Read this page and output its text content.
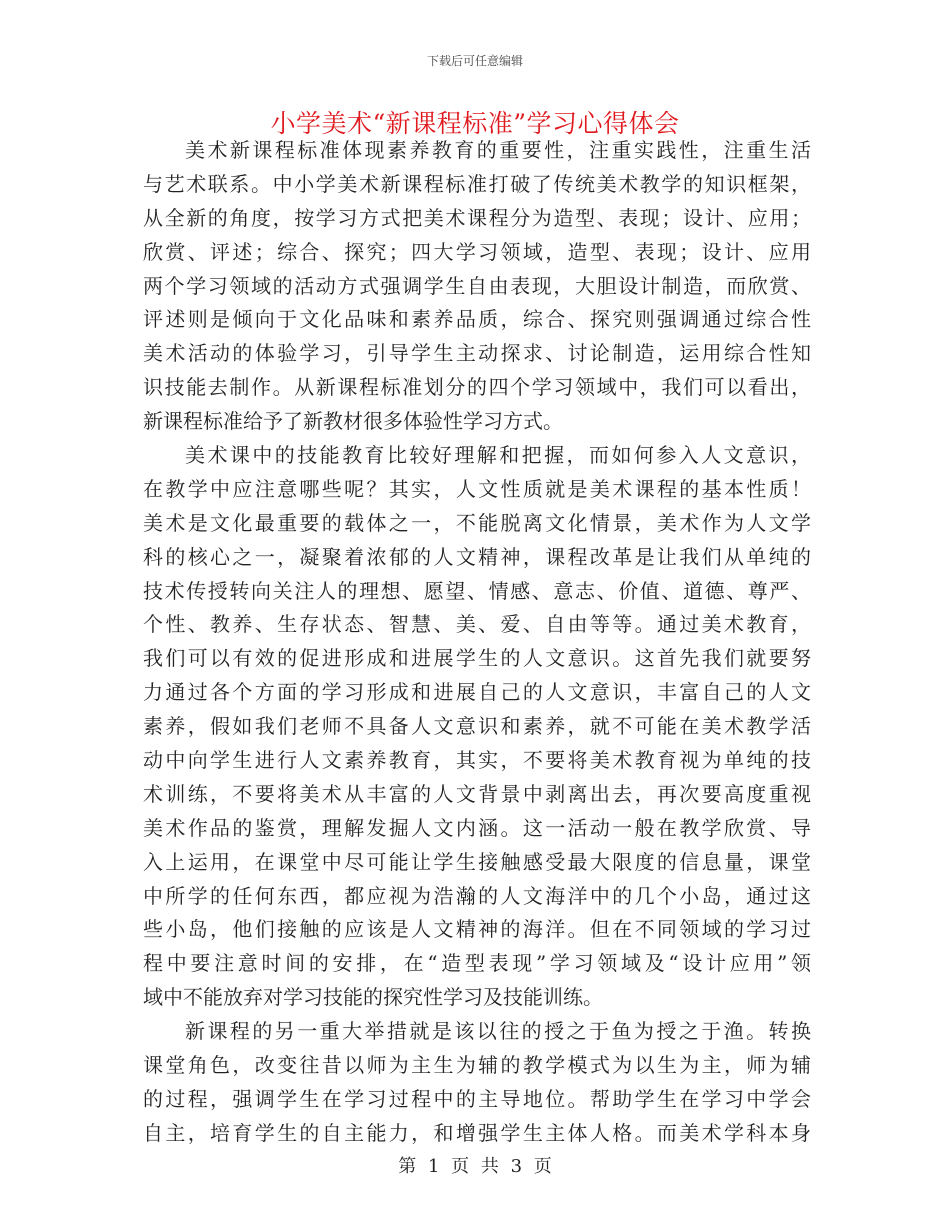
下载后可任意编辑
小学美术“新课程标准”学习心得体会
美术新课程标准体现素养教育的重要性，注重实践性，注重生活
与艺术联系。中小学美术新课程标准打破了传统美术教学的知识框架，
从全新的角度，按学习方式把美术课程分为造型、表现；设计、应用；
欣赏、评述；综合、探究；四大学习领域，造型、表现；设计、应用
两个学习领域的活动方式强调学生自由表现，大胆设计制造，而欣赏、
评述则是倾向于文化品味和素养品质，综合、探究则强调通过综合性
美术活动的体验学习，引导学生主动探求、讨论制造，运用综合性知
识技能去制作。从新课程标准划分的四个学习领域中，我们可以看出，
新课程标准给予了新教材很多体验性学习方式。
美术课中的技能教育比较好理解和把握，而如何参入人文意识，
在教学中应注意哪些呢？其实，人文性质就是美术课程的基本性质！
美术是文化最重要的载体之一，不能脱离文化情景，美术作为人文学
科的核心之一，凝聚着浓郁的人文精神，课程改革是让我们从单纯的
技术传授转向关注人的理想、愿望、情感、意志、价值、道德、尊严、
个性、教养、生存状态、智慧、美、爱、自由等等。通过美术教育，
我们可以有效的促进形成和进展学生的人文意识。这首先我们就要努
力通过各个方面的学习形成和进展自己的人文意识，丰富自己的人文
素养，假如我们老师不具备人文意识和素养，就不可能在美术教学活
动中向学生进行人文素养教育，其实，不要将美术教育视为单纯的技
术训练，不要将美术从丰富的人文背景中剥离出去，再次要高度重视
美术作品的鉴赏，理解发掘人文内涵。这一活动一般在教学欣赏、导
入上运用，在课堂中尽可能让学生接触感受最大限度的信息量，课堂
中所学的任何东西，都应视为浩瀚的人文海洋中的几个小岛，通过这
些小岛，他们接触的应该是人文精神的海洋。但在不同领域的学习过
程中要注意时间的安排，在“造型表现”学习领域及“设计应用”领
域中不能放弃对学习技能的探究性学习及技能训练。
新课程的另一重大举措就是该以往的授之于鱼为授之于渔。转换
课堂角色，改变往昔以师为主生为辅的教学模式为以生为主，师为辅
的过程，强调学生在学习过程中的主导地位。帮助学生在学习中学会
自主，培育学生的自主能力，和增强学生主体人格。而美术学科本身
第 1 页 共 3 页
